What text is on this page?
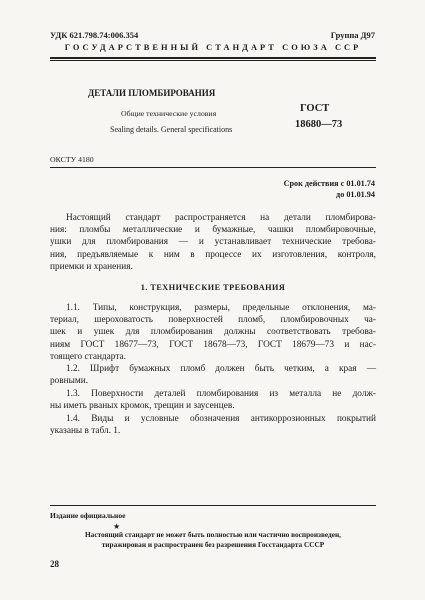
УДК 621.798.74:006.354	Группа Д97
ГОСУДАРСТВЕННЫЙ СТАНДАРТ СОЮЗА ССР
ДЕТАЛИ ПЛОМБИРОВАНИЯ
Общие технические условия
Sealing details. General specifications
ГОСТ
18680—73
ОКСТУ 4180
Срок действия с 01.01.74
до 01.01.94
Настоящий стандарт распространяется на детали пломбирова-
ния: пломбы металлические и бумажные, чашки пломбировочные,
ушки для пломбирования — и устанавливает технические требова-
ния, предъявляемые к ним в процессе их изготовления, контроля,
приемки и хранения.
1. ТЕХНИЧЕСКИЕ ТРЕБОВАНИЯ
1.1. Типы, конструкция, размеры, предельные отклонения, ма-
териал, шероховатость поверхностей пломб, пломбировочных ча-
шек и ушек для пломбирования должны соответствовать требова-
ниям ГОСТ 18677—73, ГОСТ 18678—73, ГОСТ 18679—73 и нас-
тоящего стандарта.
1.2. Шрифт бумажных пломб должен быть четким, а края —
ровными.
1.3. Поверхности деталей пломбирования из металла не долж-
ны иметь рваных кромок, трещин и заусенцев.
1.4. Виды и условные обозначения антикоррозионных покрытий
указаны в табл. 1.
Издание официальное
★
Настоящий стандарт не может быть полностью или частично воспроизведен,
тиражирован и распространен без разрешения Госстандарта СССР
28
